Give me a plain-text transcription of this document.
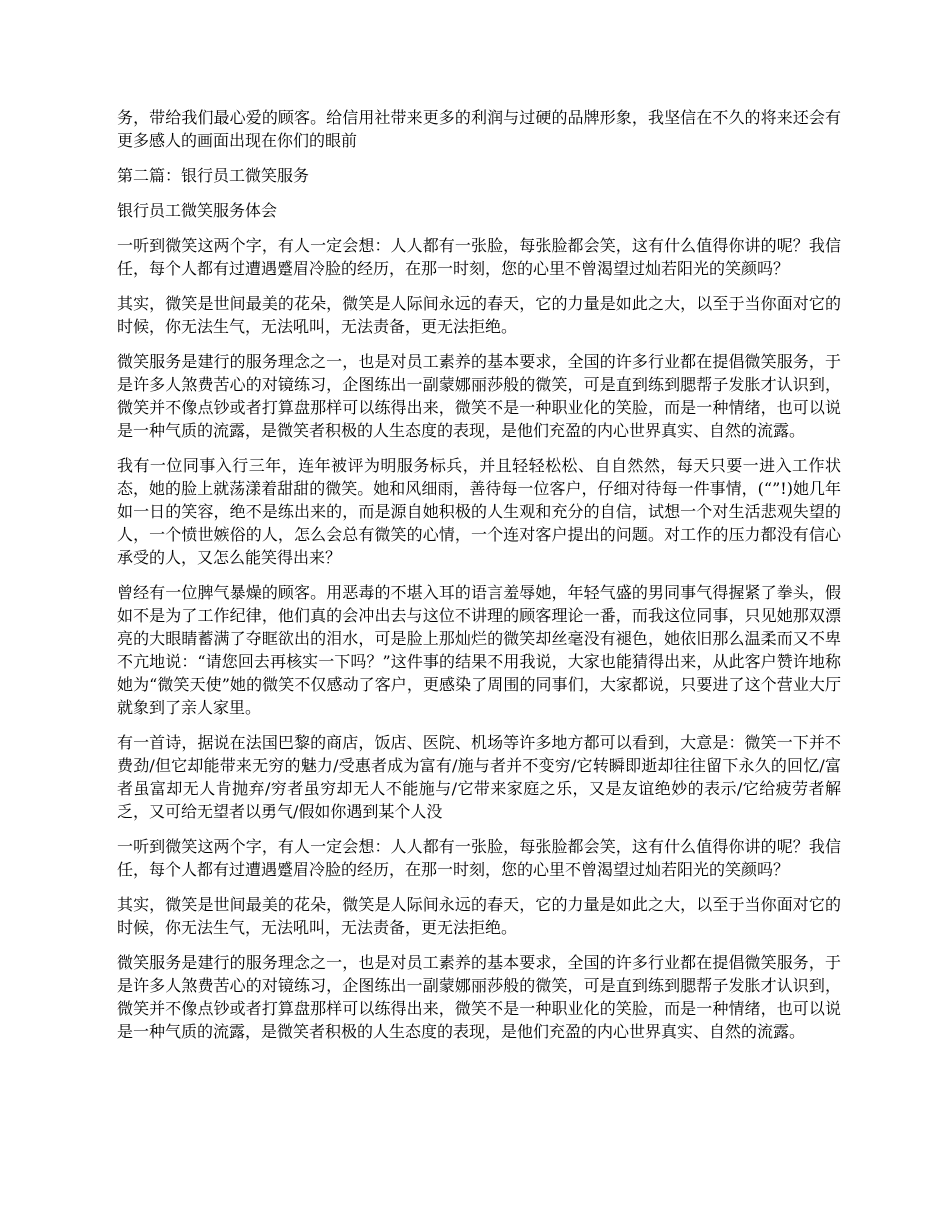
务，带给我们最心爱的顾客。给信用社带来更多的利润与过硬的品牌形象，我坚信在不久的将来还会有更多感人的画面出现在你们的眼前

第二篇：银行员工微笑服务

银行员工微笑服务体会

一听到微笑这两个字，有人一定会想：人人都有一张脸，每张脸都会笑，这有什么值得你讲的呢？我信任，每个人都有过遭遇蹙眉冷脸的经历，在那一时刻，您的心里不曾渴望过灿若阳光的笑颜吗？

其实，微笑是世间最美的花朵，微笑是人际间永远的春天，它的力量是如此之大，以至于当你面对它的时候，你无法生气，无法吼叫，无法责备，更无法拒绝。

微笑服务是建行的服务理念之一，也是对员工素养的基本要求，全国的许多行业都在提倡微笑服务，于是许多人煞费苦心的对镜练习，企图练出一副蒙娜丽莎般的微笑，可是直到练到腮帮子发胀才认识到，微笑并不像点钞或者打算盘那样可以练得出来，微笑不是一种职业化的笑脸，而是一种情绪，也可以说是一种气质的流露，是微笑者积极的人生态度的表现，是他们充盈的内心世界真实、自然的流露。

我有一位同事入行三年，连年被评为明服务标兵，并且轻轻松松、自自然然，每天只要一进入工作状态，她的脸上就荡漾着甜甜的微笑。她和风细雨，善待每一位客户，仔细对待每一件事情，(“”!)她几年如一日的笑容，绝不是练出来的，而是源自她积极的人生观和充分的自信，试想一个对生活悲观失望的人，一个愤世嫉俗的人，怎么会总有微笑的心情，一个连对客户提出的问题。对工作的压力都没有信心承受的人，又怎么能笑得出来？

曾经有一位脾气暴燥的顾客。用恶毒的不堪入耳的语言羞辱她，年轻气盛的男同事气得握紧了拳头，假如不是为了工作纪律，他们真的会冲出去与这位不讲理的顾客理论一番，而我这位同事，只见她那双漂亮的大眼睛蓄满了夺眶欲出的泪水，可是脸上那灿烂的微笑却丝毫没有褪色，她依旧那么温柔而又不卑不亢地说：“请您回去再核实一下吗？”这件事的结果不用我说，大家也能猜得出来，从此客户赞许地称她为“微笑天使”她的微笑不仅感动了客户，更感染了周围的同事们，大家都说，只要进了这个营业大厅就象到了亲人家里。

有一首诗，据说在法国巴黎的商店，饭店、医院、机场等许多地方都可以看到，大意是：微笑一下并不费劲/但它却能带来无穷的魅力/受惠者成为富有/施与者并不变穷/它转瞬即逝却往往留下永久的回忆/富者虽富却无人肯抛弃/穷者虽穷却无人不能施与/它带来家庭之乐，又是友谊绝妙的表示/它给疲劳者解乏，又可给无望者以勇气/假如你遇到某个人没

一听到微笑这两个字，有人一定会想：人人都有一张脸，每张脸都会笑，这有什么值得你讲的呢？我信任，每个人都有过遭遇蹙眉冷脸的经历，在那一时刻，您的心里不曾渴望过灿若阳光的笑颜吗？

其实，微笑是世间最美的花朵，微笑是人际间永远的春天，它的力量是如此之大，以至于当你面对它的时候，你无法生气，无法吼叫，无法责备，更无法拒绝。

微笑服务是建行的服务理念之一，也是对员工素养的基本要求，全国的许多行业都在提倡微笑服务，于是许多人煞费苦心的对镜练习，企图练出一副蒙娜丽莎般的微笑，可是直到练到腮帮子发胀才认识到，微笑并不像点钞或者打算盘那样可以练得出来，微笑不是一种职业化的笑脸，而是一种情绪，也可以说是一种气质的流露，是微笑者积极的人生态度的表现，是他们充盈的内心世界真实、自然的流露。
